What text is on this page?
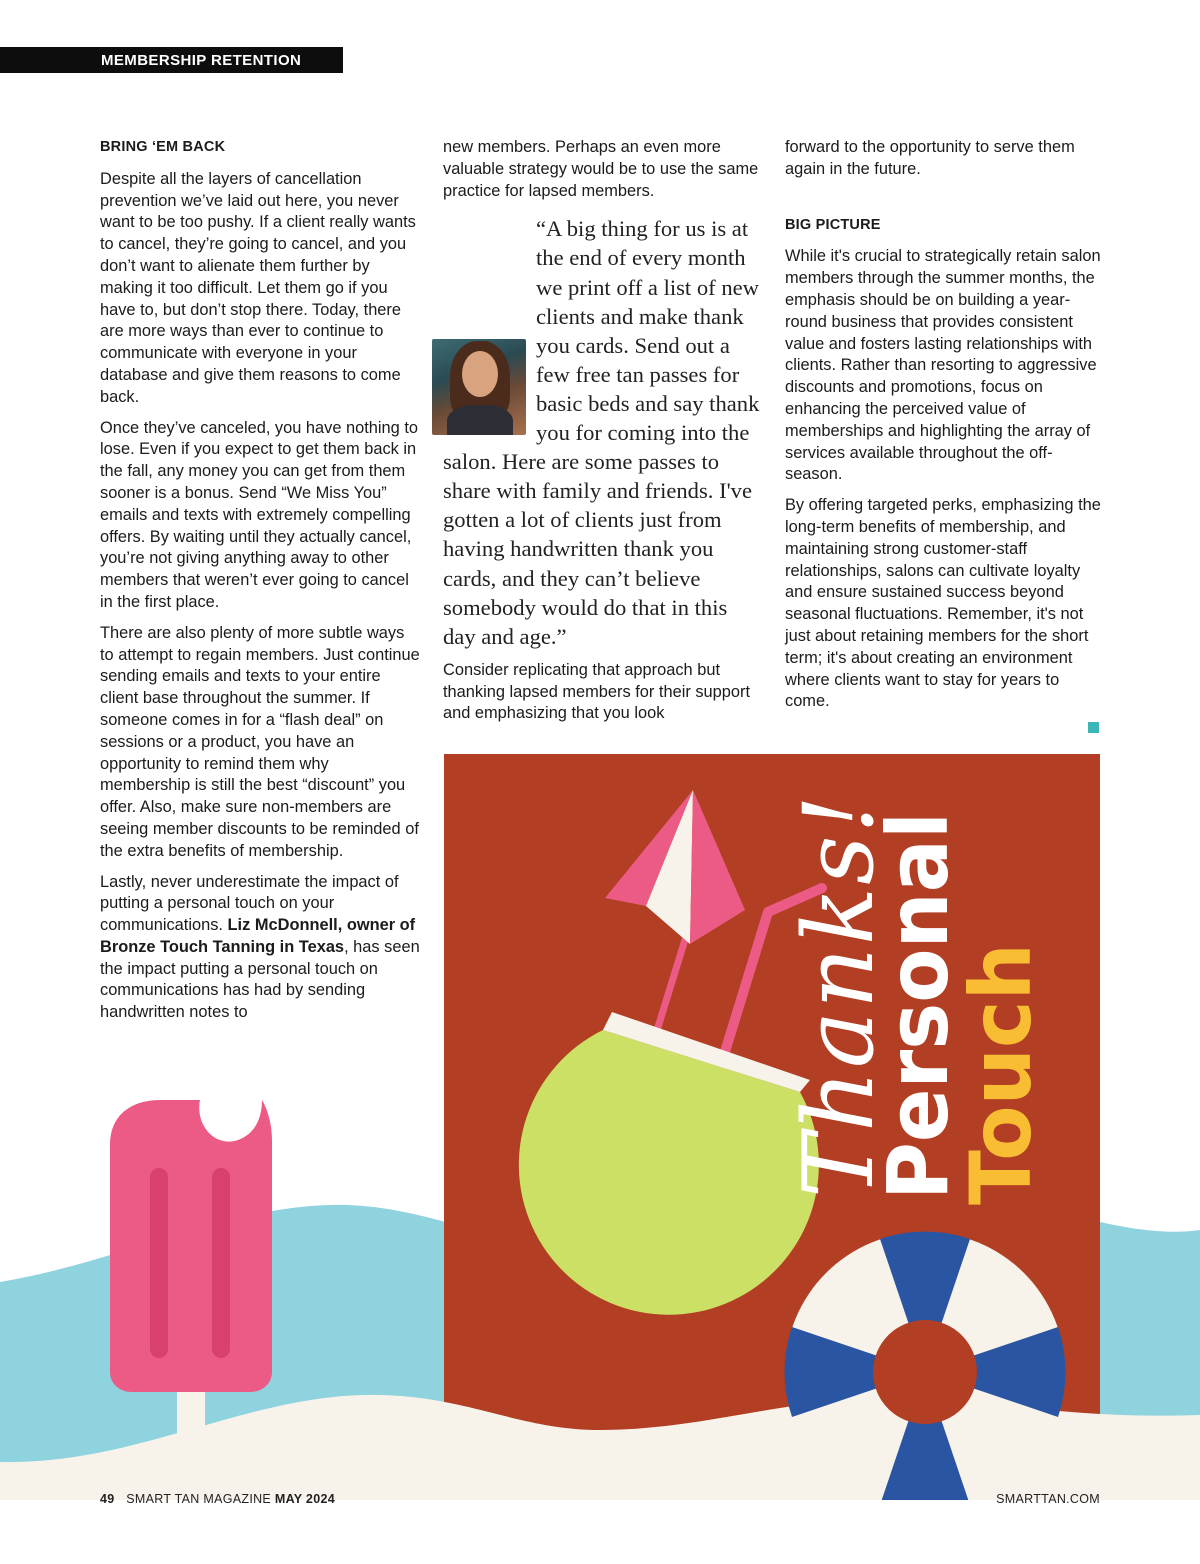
MEMBERSHIP RETENTION
BRING ‘EM BACK

Despite all the layers of cancellation prevention we’ve laid out here, you never want to be too pushy. If a client really wants to cancel, they’re going to cancel, and you don’t want to alienate them further by making it too difficult. Let them go if you have to, but don’t stop there. Today, there are more ways than ever to continue to communicate with everyone in your database and give them reasons to come back.

Once they’ve canceled, you have nothing to lose. Even if you expect to get them back in the fall, any money you can get from them sooner is a bonus. Send “We Miss You” emails and texts with extremely compelling offers. By waiting until they actually cancel, you’re not giving anything away to other members that weren’t ever going to cancel in the first place.

There are also plenty of more subtle ways to attempt to regain members. Just continue sending emails and texts to your entire client base throughout the summer. If someone comes in for a “flash deal” on sessions or a product, you have an opportunity to remind them why membership is still the best “discount” you offer. Also, make sure non-members are seeing member discounts to be reminded of the extra benefits of membership.

Lastly, never underestimate the impact of putting a personal touch on your communications. Liz McDonnell, owner of Bronze Touch Tanning in Texas, has seen the impact putting a personal touch on communications has had by sending handwritten notes to

new members. Perhaps an even more valuable strategy would be to use the same practice for lapsed members.

“A big thing for us is at the end of every month we print off a list of new clients and make thank you cards. Send out a few free tan passes for basic beds and say thank you for coming into the salon. Here are some passes to share with family and friends. I've gotten a lot of clients just from having handwritten thank you cards, and they can’t believe somebody would do that in this day and age.”

Consider replicating that approach but thanking lapsed members for their support and emphasizing that you look

forward to the opportunity to serve them again in the future.

BIG PICTURE

While it's crucial to strategically retain salon members through the summer months, the emphasis should be on building a year-round business that provides consistent value and fosters lasting relationships with clients. Rather than resorting to aggressive discounts and promotions, focus on enhancing the perceived value of memberships and highlighting the array of services available throughout the off-season.

By offering targeted perks, emphasizing the long-term benefits of membership, and maintaining strong customer-staff relationships, salons can cultivate loyalty and ensure sustained success beyond seasonal fluctuations. Remember, it's not just about retaining members for the short term; it's about creating an environment where clients want to stay for years to come.

Thanks!
Personal
Touch
49 SMART TAN MAGAZINE MAY 2024	SMARTTAN.COM
